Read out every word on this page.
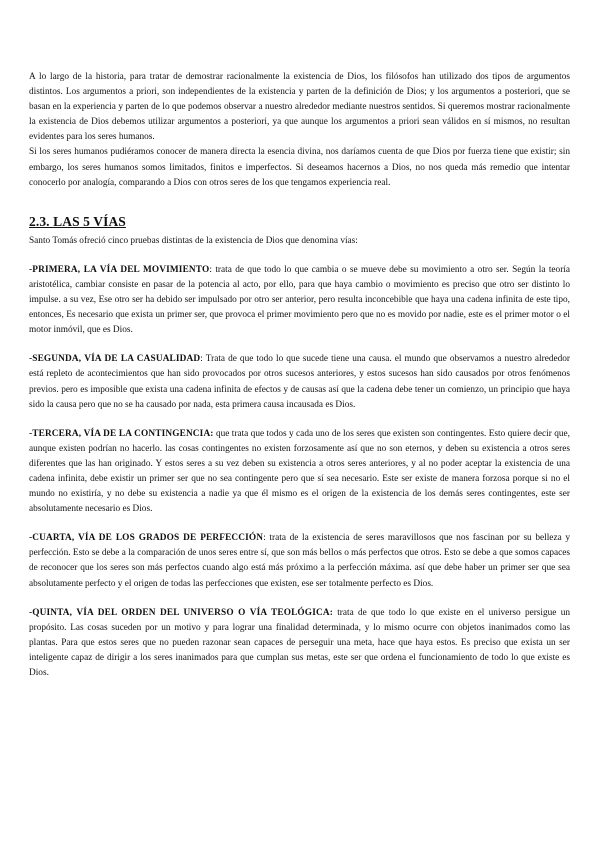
A lo largo de la historia, para tratar de demostrar racionalmente la existencia de Dios, los filósofos han utilizado dos tipos de argumentos distintos. Los argumentos a priori, son independientes de la existencia y parten de la definición de Dios; y los argumentos a posteriori, que se basan en la experiencia y parten de lo que podemos observar a nuestro alrededor mediante nuestros sentidos. Si queremos mostrar racionalmente la existencia de Dios debemos utilizar argumentos a posteriori, ya que aunque los argumentos a priori sean válidos en sí mismos, no resultan evidentes para los seres humanos.

Si los seres humanos pudiéramos conocer de manera directa la esencia divina, nos daríamos cuenta de que Dios por fuerza tiene que existir; sin embargo, los seres humanos somos limitados, finitos e imperfectos. Si deseamos hacernos a Dios, no nos queda más remedio que intentar conocerlo por analogía, comparando a Dios con otros seres de los que tengamos experiencia real.

2.3. LAS 5 VÍAS

Santo Tomás ofreció cinco pruebas distintas de la existencia de Dios que denomina vías:

-PRIMERA, LA VÍA DEL MOVIMIENTO: trata de que todo lo que cambia o se mueve debe su movimiento a otro ser. Según la teoría aristotélica, cambiar consiste en pasar de la potencia al acto, por ello, para que haya cambio o movimiento es preciso que otro ser distinto lo impulse. a su vez, Ese otro ser ha debido ser impulsado por otro ser anterior, pero resulta inconcebible que haya una cadena infinita de este tipo, entonces, Es necesario que exista un primer ser, que provoca el primer movimiento pero que no es movido por nadie, este es el primer motor o el motor inmóvil, que es Dios.

-SEGUNDA, VÍA DE LA CASUALIDAD: Trata de que todo lo que sucede tiene una causa. el mundo que observamos a nuestro alrededor está repleto de acontecimientos que han sido provocados por otros sucesos anteriores, y estos sucesos han sido causados por otros fenómenos previos. pero es imposible que exista una cadena infinita de efectos y de causas así que la cadena debe tener un comienzo, un principio que haya sido la causa pero que no se ha causado por nada, esta primera causa incausada es Dios.

-TERCERA, VÍA DE LA CONTINGENCIA: que trata que todos y cada uno de los seres que existen son contingentes. Esto quiere decir que, aunque existen podrían no hacerlo. las cosas contingentes no existen forzosamente así que no son eternos, y deben su existencia a otros seres diferentes que las han originado. Y estos seres a su vez deben su existencia a otros seres anteriores, y al no poder aceptar la existencia de una cadena infinita, debe existir un primer ser que no sea contingente pero que sí sea necesario. Este ser existe de manera forzosa porque si no el mundo no existiría, y no debe su existencia a nadie ya que él mismo es el origen de la existencia de los demás seres contingentes, este ser absolutamente necesario es Dios.

-CUARTA, VÍA DE LOS GRADOS DE PERFECCIÓN: trata de la existencia de seres maravillosos que nos fascinan por su belleza y perfección. Esto se debe a la comparación de unos seres entre sí, que son más bellos o más perfectos que otros. Esto se debe a que somos capaces de reconocer que los seres son más perfectos cuando algo está más próximo a la perfección máxima. así que debe haber un primer ser que sea absolutamente perfecto y el origen de todas las perfecciones que existen, ese ser totalmente perfecto es Dios.

-QUINTA, VÍA DEL ORDEN DEL UNIVERSO O VÍA TEOLÓGICA: trata de que todo lo que existe en el universo persigue un propósito. Las cosas suceden por un motivo y para lograr una finalidad determinada, y lo mismo ocurre con objetos inanimados como las plantas. Para que estos seres que no pueden razonar sean capaces de perseguir una meta, hace que haya estos. Es preciso que exista un ser inteligente capaz de dirigir a los seres inanimados para que cumplan sus metas, este ser que ordena el funcionamiento de todo lo que existe es Dios.
